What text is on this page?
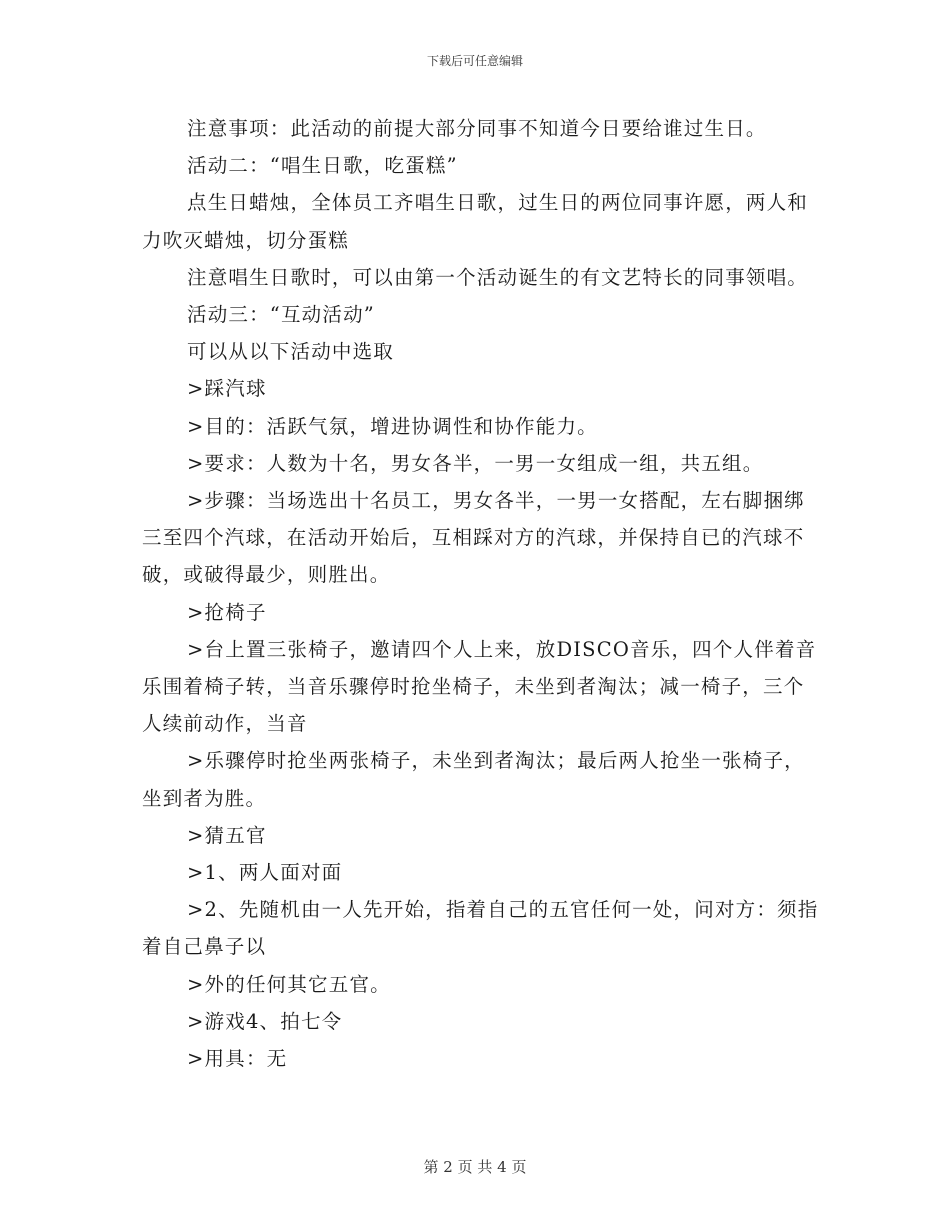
下载后可任意编辑

注意事项：此活动的前提大部分同事不知道今日要给谁过生日。

活动二：“唱生日歌，吃蛋糕”

点生日蜡烛，全体员工齐唱生日歌，过生日的两位同事许愿，两人和力吹灭蜡烛，切分蛋糕

注意唱生日歌时，可以由第一个活动诞生的有文艺特长的同事领唱。

活动三：“互动活动”

可以从以下活动中选取

>踩汽球

>目的：活跃气氛，增进协调性和协作能力。

>要求：人数为十名，男女各半，一男一女组成一组，共五组。

>步骤：当场选出十名员工，男女各半，一男一女搭配，左右脚捆绑三至四个汽球，在活动开始后，互相踩对方的汽球，并保持自已的汽球不破，或破得最少，则胜出。

>抢椅子

>台上置三张椅子，邀请四个人上来，放DISCO音乐，四个人伴着音乐围着椅子转，当音乐骤停时抢坐椅子，未坐到者淘汰；减一椅子，三个人续前动作，当音

>乐骤停时抢坐两张椅子，未坐到者淘汰；最后两人抢坐一张椅子，坐到者为胜。

>猜五官

>1、两人面对面

>2、先随机由一人先开始，指着自己的五官任何一处，问对方：须指着自己鼻子以

>外的任何其它五官。

>游戏4、拍七令

>用具：无

第 2 页 共 4 页
